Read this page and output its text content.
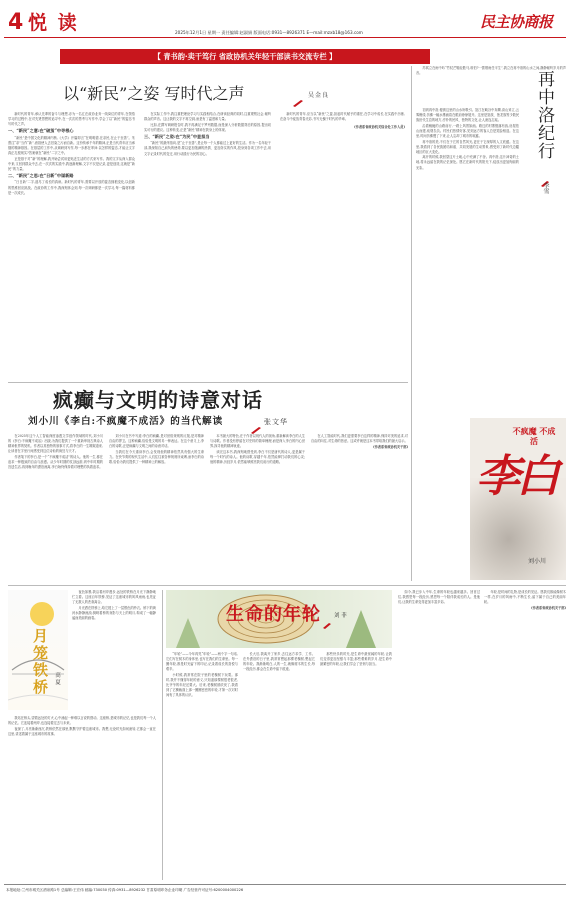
4 悦 读	2025年12月1日 星期一 责任编辑:赵淑娟 版面电话:0931—8926371 E—mail:mzxb18@163.com
民主协商报
【 青书韵·卖干笃行 省政协机关年轻干部读书交流专栏 】
以“新民”之姿 写时代之声	吴金良

新时代的青年,承认先辈的奋斗与理想,亦为一名汇在政协业务一线岗位的青年,在领悟学习的过程中,在对先贤思想的追寻中,在一次次的思考与写作中,学会了以“新民”的姿态书写时代之声。

一、“新民”之意:在“破茧”中寻根心

“新民”是中国文化的精神内核,《大学》开篇即言“在明明德,在亲民,在止于至善”。朱熹注“亲”当作“新”,意指使人去旧染之污而自新。这份传承千年的精神,正是当代青年应当承继的精神基因。在基层的工作中,从调研到写作,每一步都在叩问:以怎样的姿态,才能让文字真正扎根现实?答案就在“新民”二字之中。

正是基于对“新”的理解,我开始尝试用更贴近生活的方式来写作。我的文字从深入群众中来,又回到群众中去,在一次次的实践中,我逐渐理解,文字不仅是记录,更是创造,这就是“新民”的力量。

二、“新民”之思:在“日新”中谋新路

“日日新”二字,道尽了成长的真谛。新时代的青年,需要以开放的姿态拥抱变化,以创新的思维回应挑战。在政协的工作中,我深刻体会到,每一次调研都是一次学习,每一篇材料都是一次成长。

在实际工作中,我注重把理论学习与实践相结合,在研读经典的同时,注重观察社会,倾听群众的声音。这让我的文字不再空洞,而是有了温度和力量。

比如,在撰写调研报告时,我不再满足于罗列数据,而是深入分析数据背后的原因,提出切实可行的建议。这种转变,正是“新民”精神在我身上的体现。

三、“新民”之姿:在“为民”中显担当

“新民”的最终指向,是“止于至善”,是让每一个人都能过上更好的生活。作为一名年轻干部,我深知自己肩负的使命,要以更加饱满的热情、更加务实的作风,投身到各项工作中去,用文字记录时代的变迁,用行动践行为民的初心。

新时代的青年,应当以“新民”之姿,担起时代赋予的重任,在学习中成长,在实践中历练,在奋斗中绽放青春光彩,书写无愧于时代的华章。

(作者系省政协机关综合处工作人员)

苏轼立在雨中吟“竹杖芒鞋轻胜马,谁怕?一蓑烟雨任平生”,我立在再中洛的山水之间,静静倾听岁月的声音。

初到再中洛,便被这里的山水所吸引。怒江在峡谷中奔腾,高山耸立,云雾缭绕,仿佛一幅水墨画卷在眼前徐徐展开。这里是怒族、独龙族等少数民族世代生息的地方,淳朴的民风、独特的文化,让人流连忘返。

沿着蜿蜒的山路前行,一路上风景如画。路边的村寨错落有致,房屋依山而建,炊烟袅袅。村民们热情好客,见到远方的客人总是笑脸相迎。在这里,时间仿佛慢了下来,让人忘却了城市的喧嚣。

再中洛的美,不仅在于它的自然风光,更在于它深厚的人文底蕴。在这里,我看到了各民族团结和谐、共同发展的生动景象,感受到了新时代边疆地区的巨大变化。

离开的时候,我回望这片土地,心中充满了不舍。再中洛,这片神奇的土地,将永远留在我的记忆深处。愿它在新时代的阳光下,绽放出更加绚丽的光彩。

再中洛纪行
李雪
疯癫与文明的诗意对话
刘小川《李白:不疯魔不成活》的当代解读	张文华

在2025年这个人工智能深度渗透文学创作领域的时代,刘小川的《李白:不疯魔不成活》出版,为我们提供了一个重新审视古典诗人精神世界的契机。作者以其独特的叙事方式,将李白的一生娓娓道来,让读者在字里行间感受到这位诗仙的疯狂与天才。

作者笔下的李白,是一个“不疯魔不成活”的诗人。他的一生,都在追求一种极致的自由与浪漫。从少年时期的仗剑远游,到中年时期的宫廷生活,再到晚年的漂泊流离,李白始终保持着对理想的执着追求。

刘小川在书中写道:李白的疯癫,是对世俗规则的反叛,是对精神自由的捍卫。这种疯癫,恰恰是文明的另一种表达。在这个意义上,李白的诗歌,正是疯癫与文明之间的诗意对话。

当我们在今天重读李白,会发现他的精神依然具有强大的生命力。在快节奏的现代生活中,人们往往被各种规则所束缚,而李白的诗歌,恰恰为我们提供了一种精神上的解放。

本书最大的特色,在于作者以现代人的视角,重新解读李白的人生与诗歌。作者没有停留在对史料的简单梳理,而是深入李白的内心世界,探寻他的精神轨迹。

读完这本书,我深刻地感受到,李白不仅是唐代的诗人,更是属于每一个时代的诗人。他的诗歌,穿越千年,依然能够打动我们的心灵;他的精神,历经岁月,依然能够照亮我们前行的道路。

在人工智能时代,我们更需要李白这样的精神,保持对美的追求,对自由的向往,对生命的热爱。这或许就是这本书带给我们的最大启示。

(作者系省政协机关干部)

不疯魔 不成活
李白
刘小川
月笼铁桥 高 夏

夜色如墨,我沿着河岸漫步,远处的铁桥在月光下静静地伫立着。这座百年铁桥,见证了这座城市的风风雨雨,也见证了无数人的悲欢离合。

月光洒在铁桥上,给它披上了一层银色的纱衣。桥下的黄河水静静流淌,倒映着桥的身影与天上的明月,构成了一幅静谧而美丽的画卷。

我站在桥头,望着远处的灯火,心中涌起一种难以言说的感动。这座桥,是城市的记忆,也是我们每一个人的记忆。它连接着两岸,也连接着过去与未来。

夜深了,月亮渐渐西沉,铁桥依然在那里,默默守护着这座城市。我想,无论时光如何流转,它都会一直在这里,讲述着属于这座城市的故事。

生命的年轮 刘 菲

“年轮”——今年再见“年轮”——两个字一句话,它们写在树木的身体里,也写在我们的生命里。每一圈年轮,都是时光留下的印记,记录着成长的喜悦与艰辛。

小时候,我常常在院子里的老槐树下玩耍。那时,我并不懂得年轮的意义,只知道那棵树很老很老,比爷爷的年纪还要大。后来,老槐树被砍伐了,我看到了它横截面上那一圈圈密密的年轮,才第一次对时间有了具体的认识。

长大后,我离开了家乡,去往远方求学、工作。在外漂泊的日子里,我常常想起那棵老槐树,想起它的年轮。我渐渐明白,人的一生,就像树木的生长,每一段经历,都会在生命中留下痕迹。

那些快乐的时光,是生命中最宽阔的年轮,让我们变得更加坚强与丰盈;那些艰难的岁月,是生命中最紧密的年轮,让我们学会了坚韧与担当。

如今,我已步入中年,生命的年轮也越来越多。回首过往,我感恩每一段经历,感恩每一个陪伴我成长的人。是他们,让我的生命变得更加丰富多彩。

年轮,是时间的礼物,是成长的见证。愿我们都能像树木一样,在岁月的风雨中,不断生长,留下属于自己的美丽年轮。

(作者系省政协机关干部)

本报地址:兰州市城关区酒泉路1号 总编辑:王宏伟 邮编:730030 传真:0931—8926232 甘肃原明印务企业印刷 广告经营许可证号:6200004000226
